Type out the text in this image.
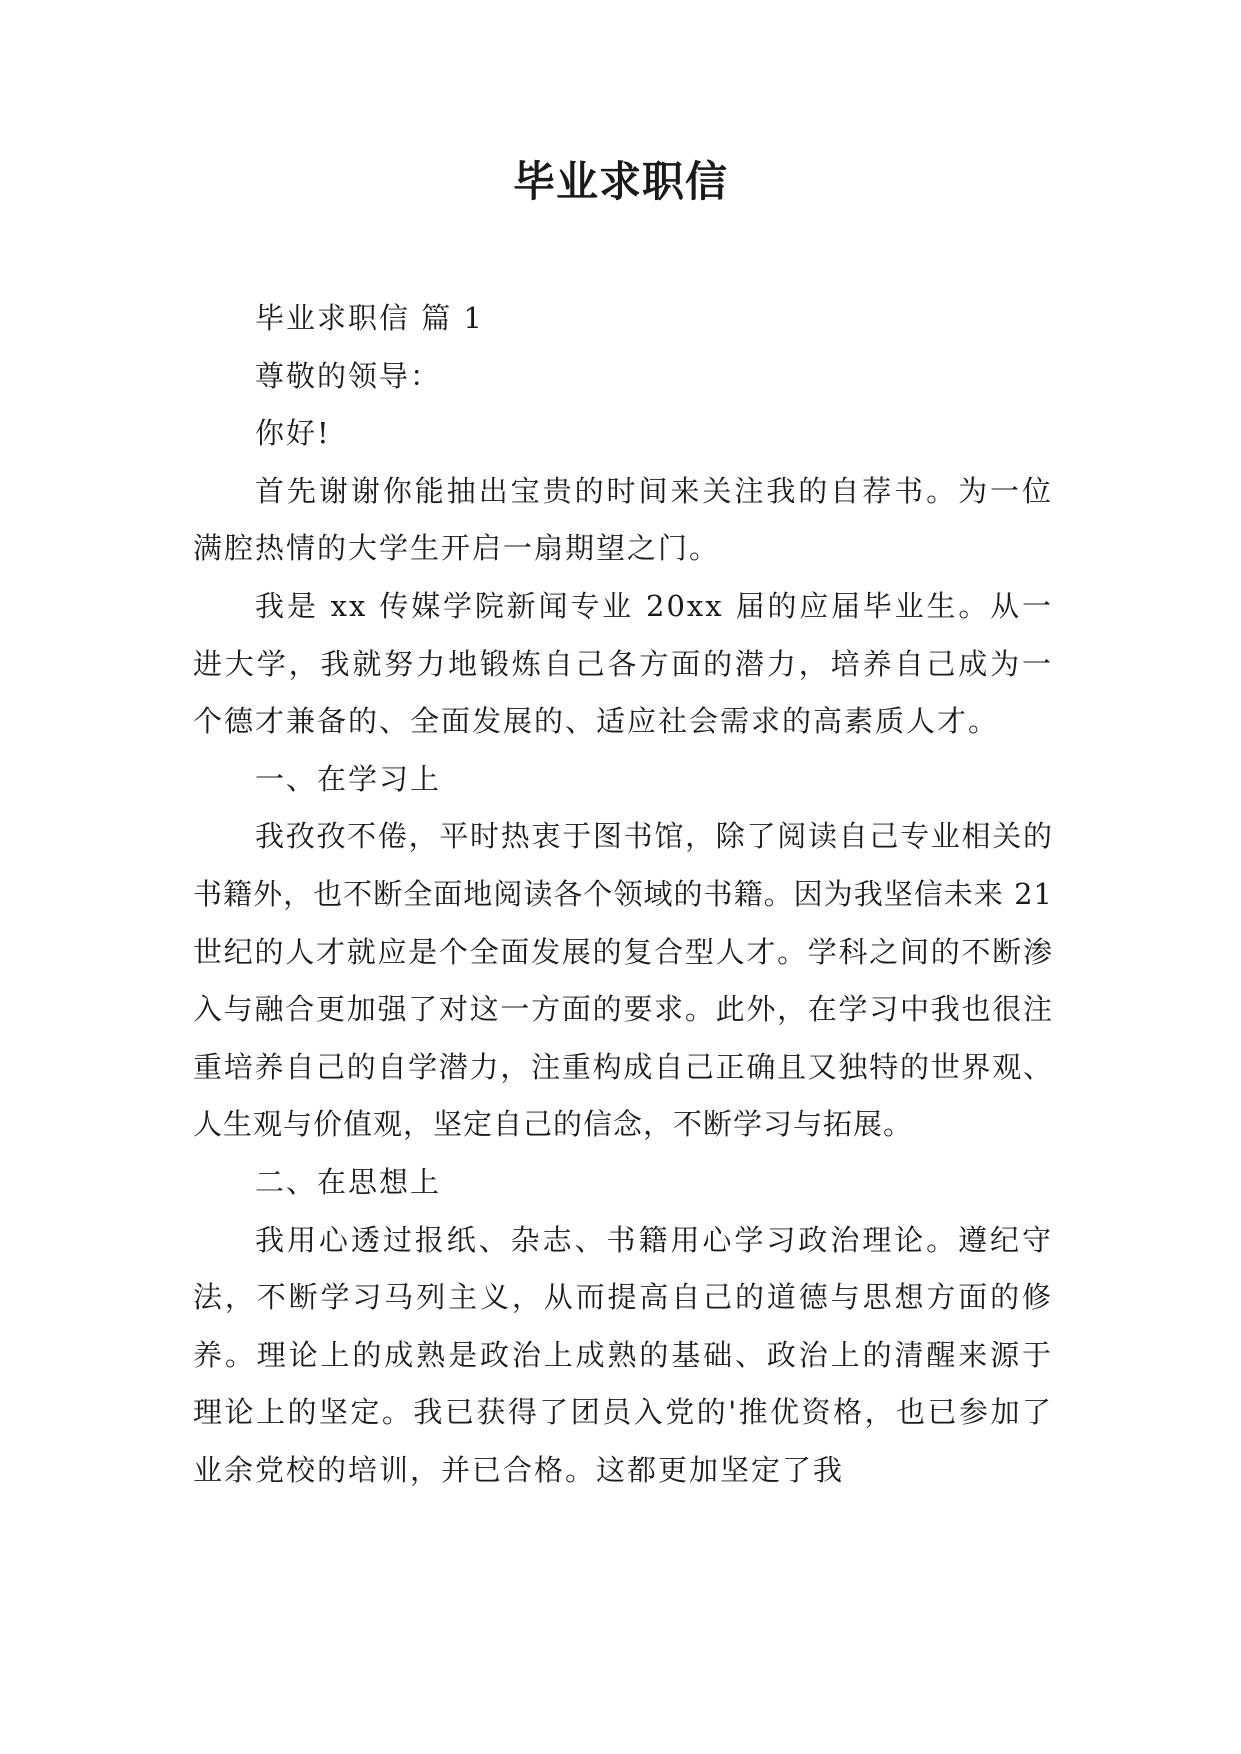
毕业求职信

毕业求职信 篇 1

尊敬的领导：

你好!

首先谢谢你能抽出宝贵的时间来关注我的自荐书。为一位满腔热情的大学生开启一扇期望之门。

我是 xx 传媒学院新闻专业 20xx 届的应届毕业生。从一进大学，我就努力地锻炼自己各方面的潜力，培养自己成为一个德才兼备的、全面发展的、适应社会需求的高素质人才。

一、在学习上

我孜孜不倦，平时热衷于图书馆，除了阅读自己专业相关的书籍外，也不断全面地阅读各个领域的书籍。因为我坚信未来 21 世纪的人才就应是个全面发展的复合型人才。学科之间的不断渗入与融合更加强了对这一方面的要求。此外，在学习中我也很注重培养自己的自学潜力，注重构成自己正确且又独特的世界观、人生观与价值观，坚定自己的信念，不断学习与拓展。

二、在思想上

我用心透过报纸、杂志、书籍用心学习政治理论。遵纪守法，不断学习马列主义，从而提高自己的道德与思想方面的修养。理论上的成熟是政治上成熟的基础、政治上的清醒来源于理论上的坚定。我已获得了团员入党的'推优资格，也已参加了业余党校的培训，并已合格。这都更加坚定了我
